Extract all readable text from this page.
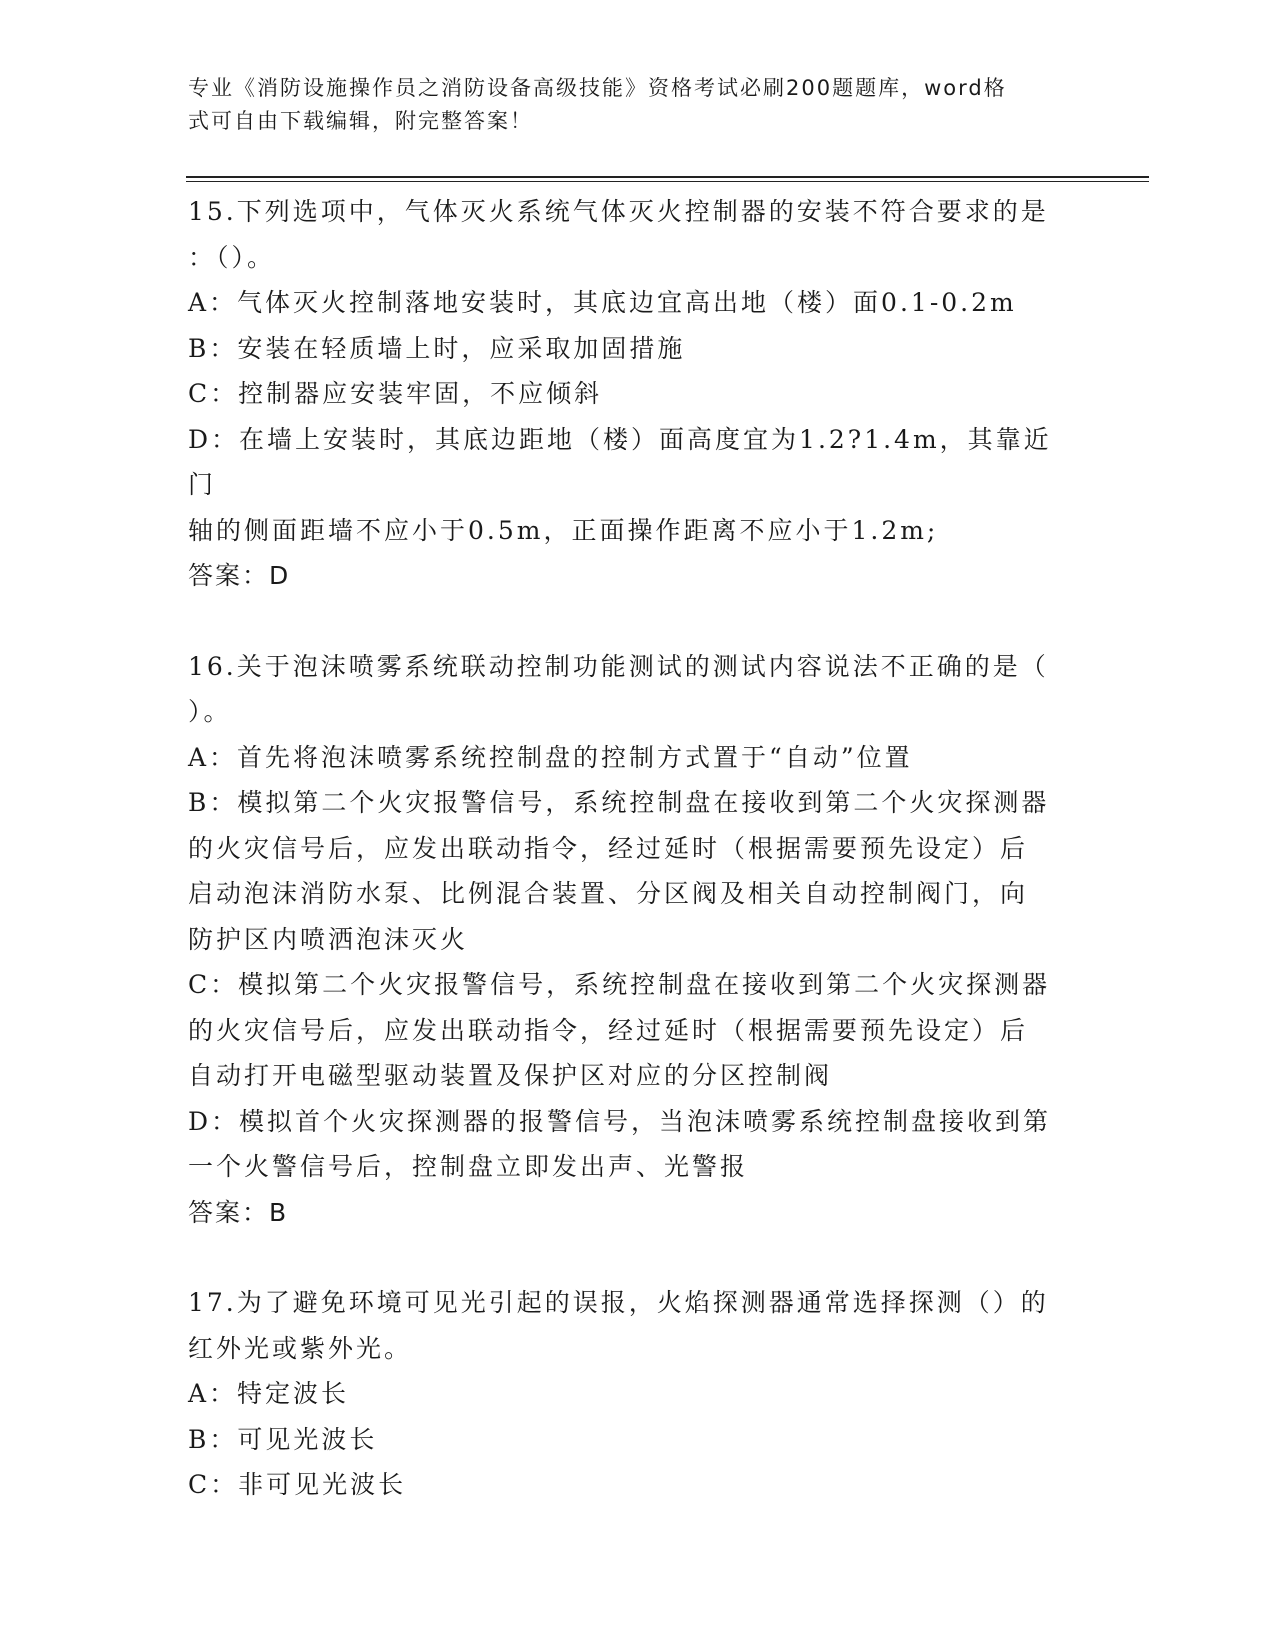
专业《消防设施操作员之消防设备高级技能》资格考试必刷200题题库，word格
式可自由下载编辑，附完整答案！
15.下列选项中，气体灭火系统气体灭火控制器的安装不符合要求的是
：（）。
A：气体灭火控制落地安装时，其底边宜高出地（楼）面0.1-0.2m
B：安装在轻质墙上时，应采取加固措施
C：控制器应安装牢固，不应倾斜
D：在墙上安装时，其底边距地（楼）面高度宜为1.2?1.4m，其靠近门
轴的侧面距墙不应小于0.5m，正面操作距离不应小于1.2m;
答案：D
16.关于泡沫喷雾系统联动控制功能测试的测试内容说法不正确的是（
）。
A：首先将泡沫喷雾系统控制盘的控制方式置于“自动”位置
B：模拟第二个火灾报警信号，系统控制盘在接收到第二个火灾探测器
的火灾信号后，应发出联动指令，经过延时（根据需要预先设定）后
启动泡沫消防水泵、比例混合装置、分区阀及相关自动控制阀门，向
防护区内喷洒泡沫灭火
C：模拟第二个火灾报警信号，系统控制盘在接收到第二个火灾探测器
的火灾信号后，应发出联动指令，经过延时（根据需要预先设定）后
自动打开电磁型驱动装置及保护区对应的分区控制阀
D：模拟首个火灾探测器的报警信号，当泡沫喷雾系统控制盘接收到第
一个火警信号后，控制盘立即发出声、光警报
答案：B
17.为了避免环境可见光引起的误报，火焰探测器通常选择探测（）的
红外光或紫外光。
A：特定波长
B：可见光波长
C：非可见光波长
